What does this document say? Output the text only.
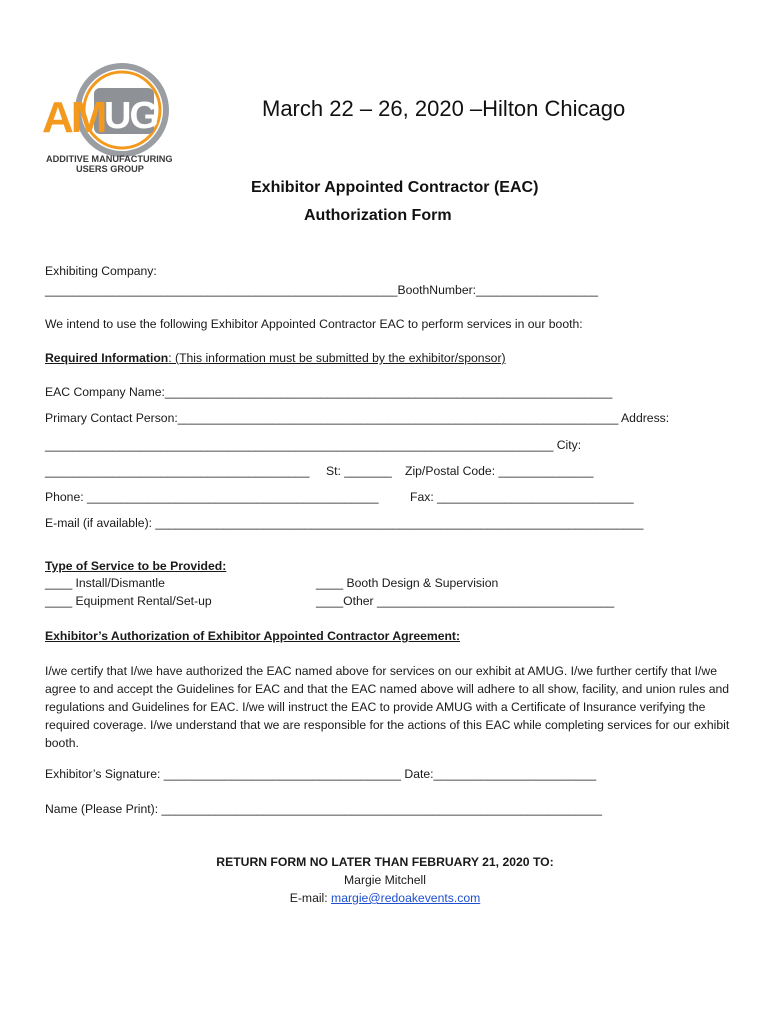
AM UG
ADDITIVE MANUFACTURING
USERS GROUP
March 22 – 26, 2020 –Hilton Chicago
Exhibitor Appointed Contractor (EAC)
Authorization Form
Exhibiting Company:
____________________________________________________BoothNumber:__________________
We intend to use the following Exhibitor Appointed Contractor EAC to perform services in our booth:
Required Information: (This information must be submitted by the exhibitor/sponsor)
EAC Company Name:__________________________________________________________________
Primary Contact Person:_________________________________________________________________ Address:
___________________________________________________________________________ City:
_______________________________________ St: _______ Zip/Postal Code: ______________
Phone: ___________________________________________	Fax: _____________________________
E-mail (if available): ________________________________________________________________________
Type of Service to be Provided:
____ Install/Dismantle
____ Equipment Rental/Set-up
____ Booth Design & Supervision
____Other ___________________________________
Exhibitor’s Authorization of Exhibitor Appointed Contractor Agreement:
I/we certify that I/we have authorized the EAC named above for services on our exhibit at AMUG. I/we further certify that I/we agree to and accept the Guidelines for EAC and that the EAC named above will adhere to all show, facility, and union rules and regulations and Guidelines for EAC. I/we will instruct the EAC to provide AMUG with a Certificate of Insurance verifying the required coverage. I/we understand that we are responsible for the actions of this EAC while completing services for our exhibit booth.
Exhibitor’s Signature: ___________________________________ Date:________________________
Name (Please Print): _________________________________________________________________
RETURN FORM NO LATER THAN FEBRUARY 21, 2020 TO:
Margie Mitchell
E-mail: margie@redoakevents.com
